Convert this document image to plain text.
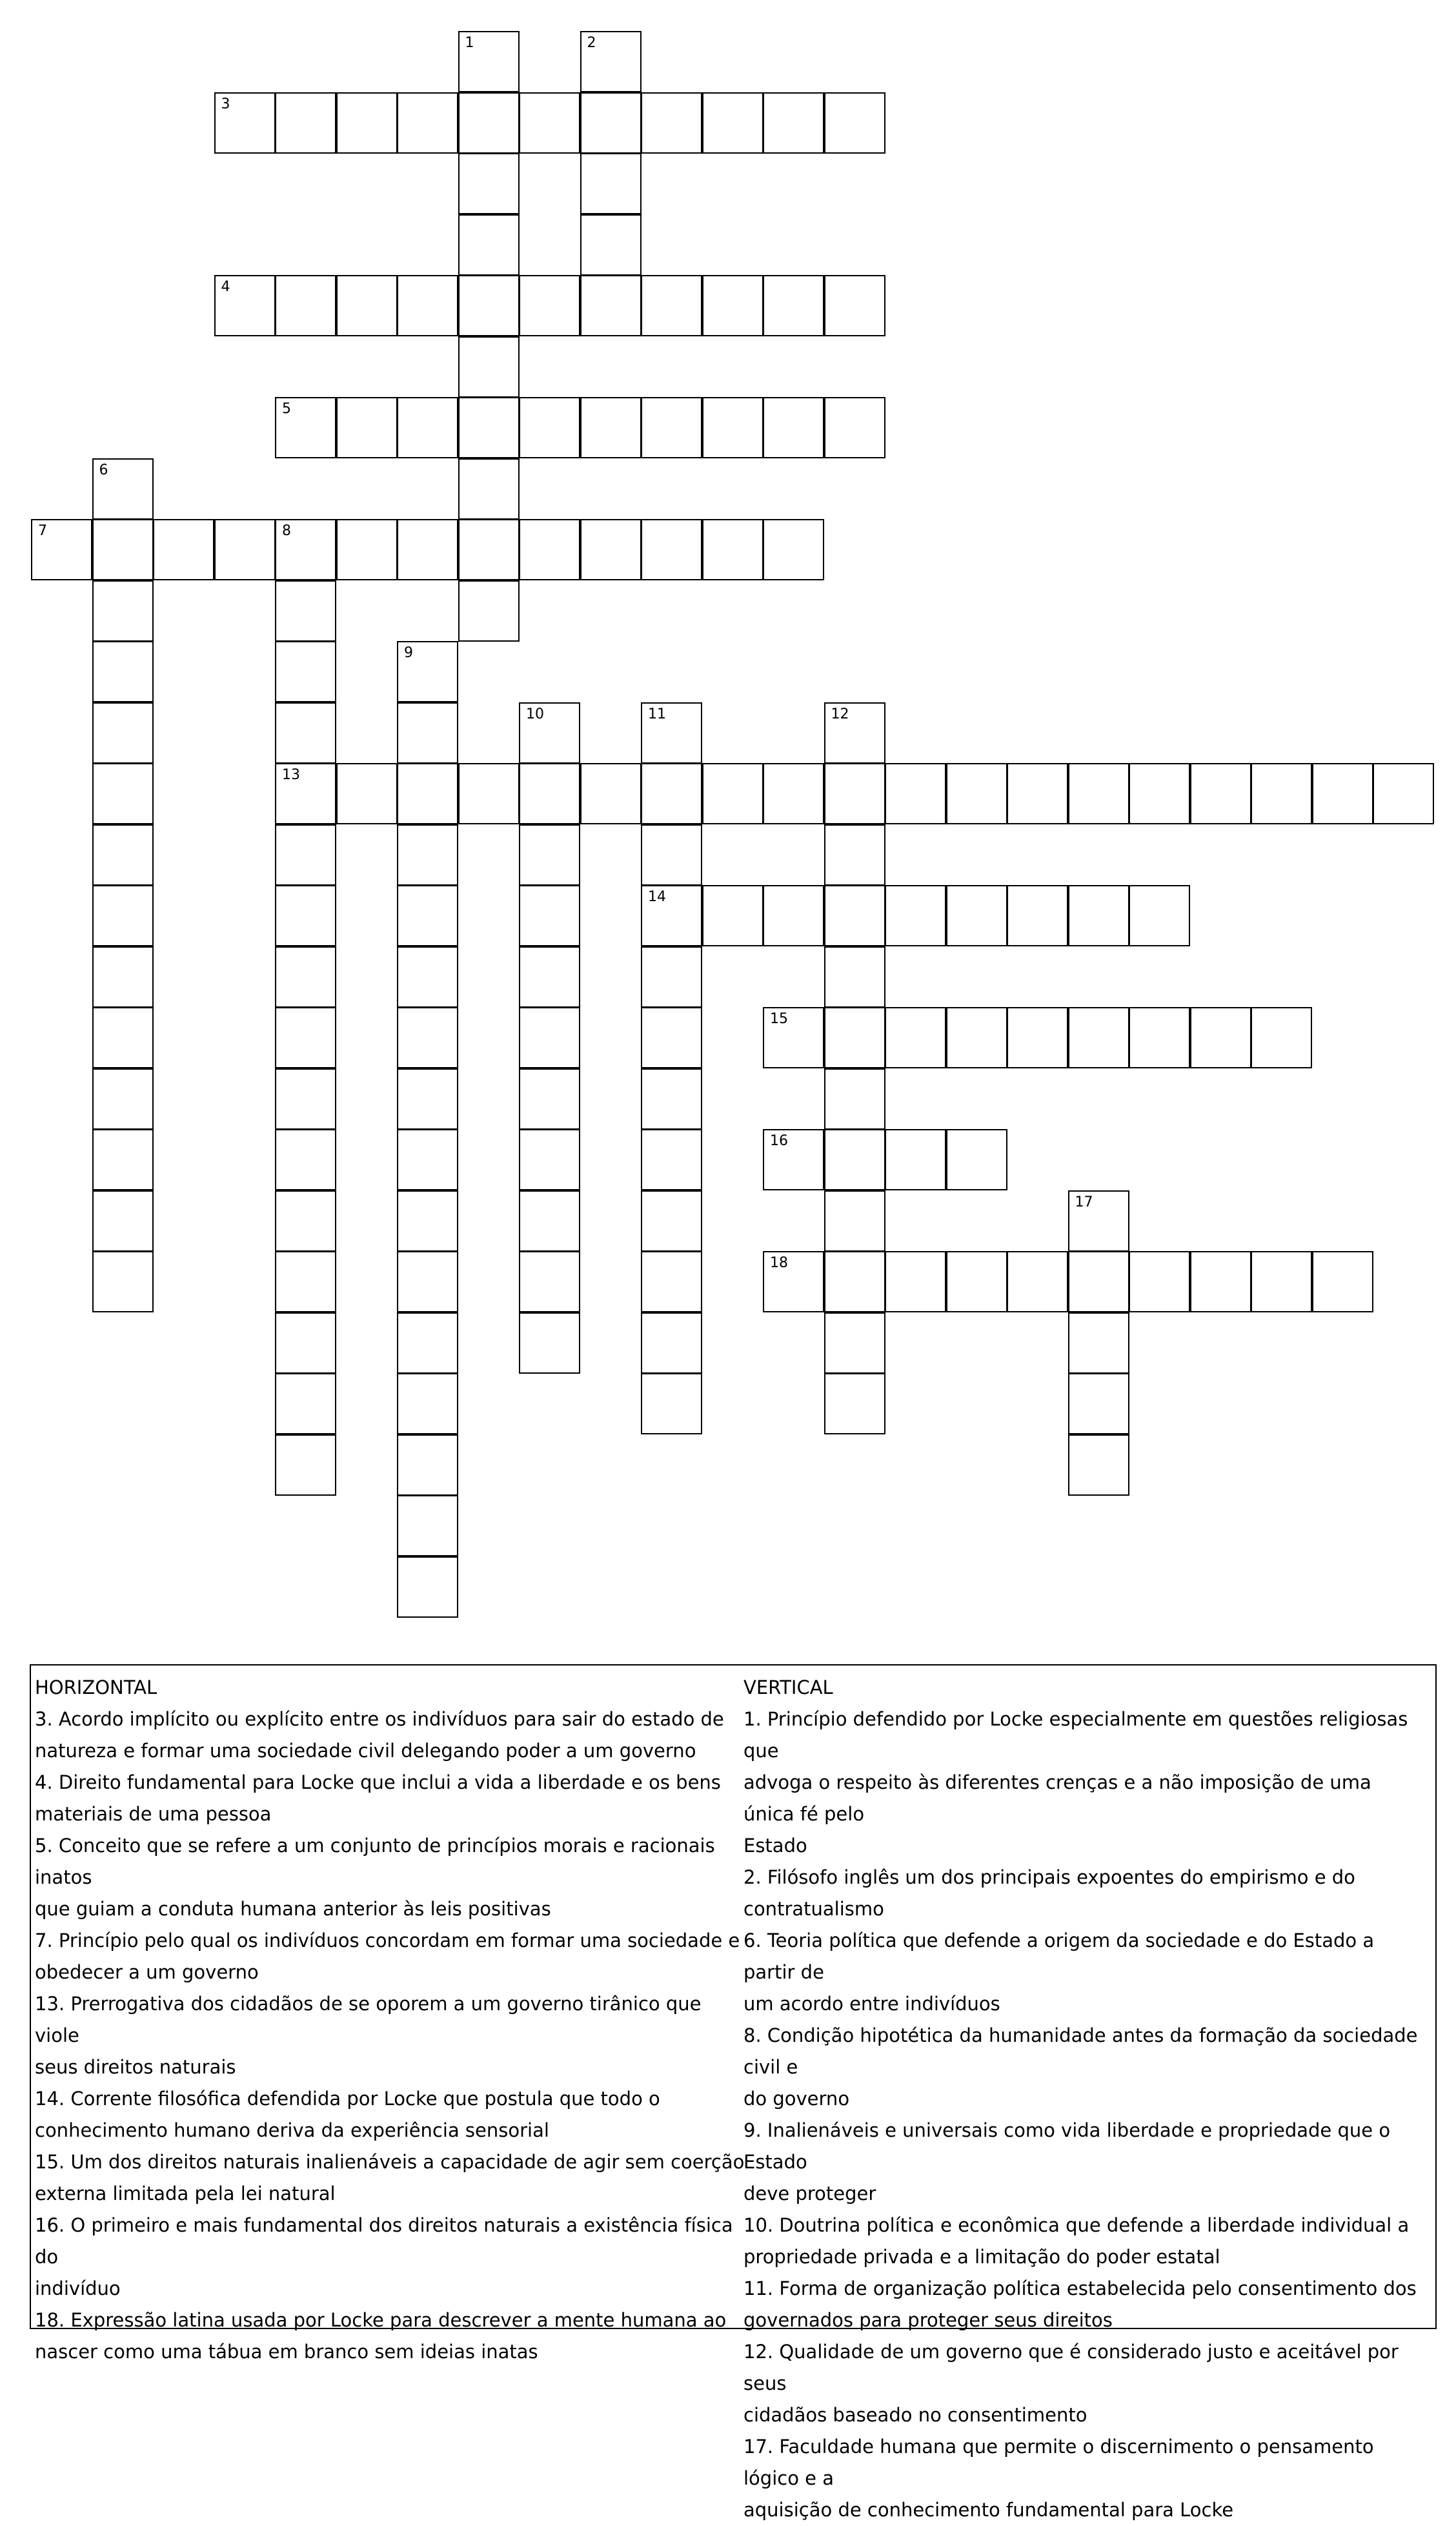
1	2
3
4
5
6
7	8
13
9
10	11
14
12
15
16
17
18
HORIZONTAL
3. Acordo implícito ou explícito entre os indivíduos para sair do estado de
natureza e formar uma sociedade civil delegando poder a um governo
4. Direito fundamental para Locke que inclui a vida a liberdade e os bens
materiais de uma pessoa
5. Conceito que se refere a um conjunto de princípios morais e racionais inatos
que guiam a conduta humana anterior às leis positivas
7. Princípio pelo qual os indivíduos concordam em formar uma sociedade e
obedecer a um governo
13. Prerrogativa dos cidadãos de se oporem a um governo tirânico que viole
seus direitos naturais
14. Corrente filosófica defendida por Locke que postula que todo o
conhecimento humano deriva da experiência sensorial
15. Um dos direitos naturais inalienáveis a capacidade de agir sem coerção
externa limitada pela lei natural
16. O primeiro e mais fundamental dos direitos naturais a existência física do
indivíduo
18. Expressão latina usada por Locke para descrever a mente humana ao
nascer como uma tábua em branco sem ideias inatas
VERTICAL
1. Princípio defendido por Locke especialmente em questões religiosas que
advoga o respeito às diferentes crenças e a não imposição de uma única fé pelo
Estado
2. Filósofo inglês um dos principais expoentes do empirismo e do
contratualismo
6. Teoria política que defende a origem da sociedade e do Estado a partir de
um acordo entre indivíduos
8. Condição hipotética da humanidade antes da formação da sociedade civil e
do governo
9. Inalienáveis e universais como vida liberdade e propriedade que o Estado
deve proteger
10. Doutrina política e econômica que defende a liberdade individual a
propriedade privada e a limitação do poder estatal
11. Forma de organização política estabelecida pelo consentimento dos
governados para proteger seus direitos
12. Qualidade de um governo que é considerado justo e aceitável por seus
cidadãos baseado no consentimento
17. Faculdade humana que permite o discernimento o pensamento lógico e a
aquisição de conhecimento fundamental para Locke
